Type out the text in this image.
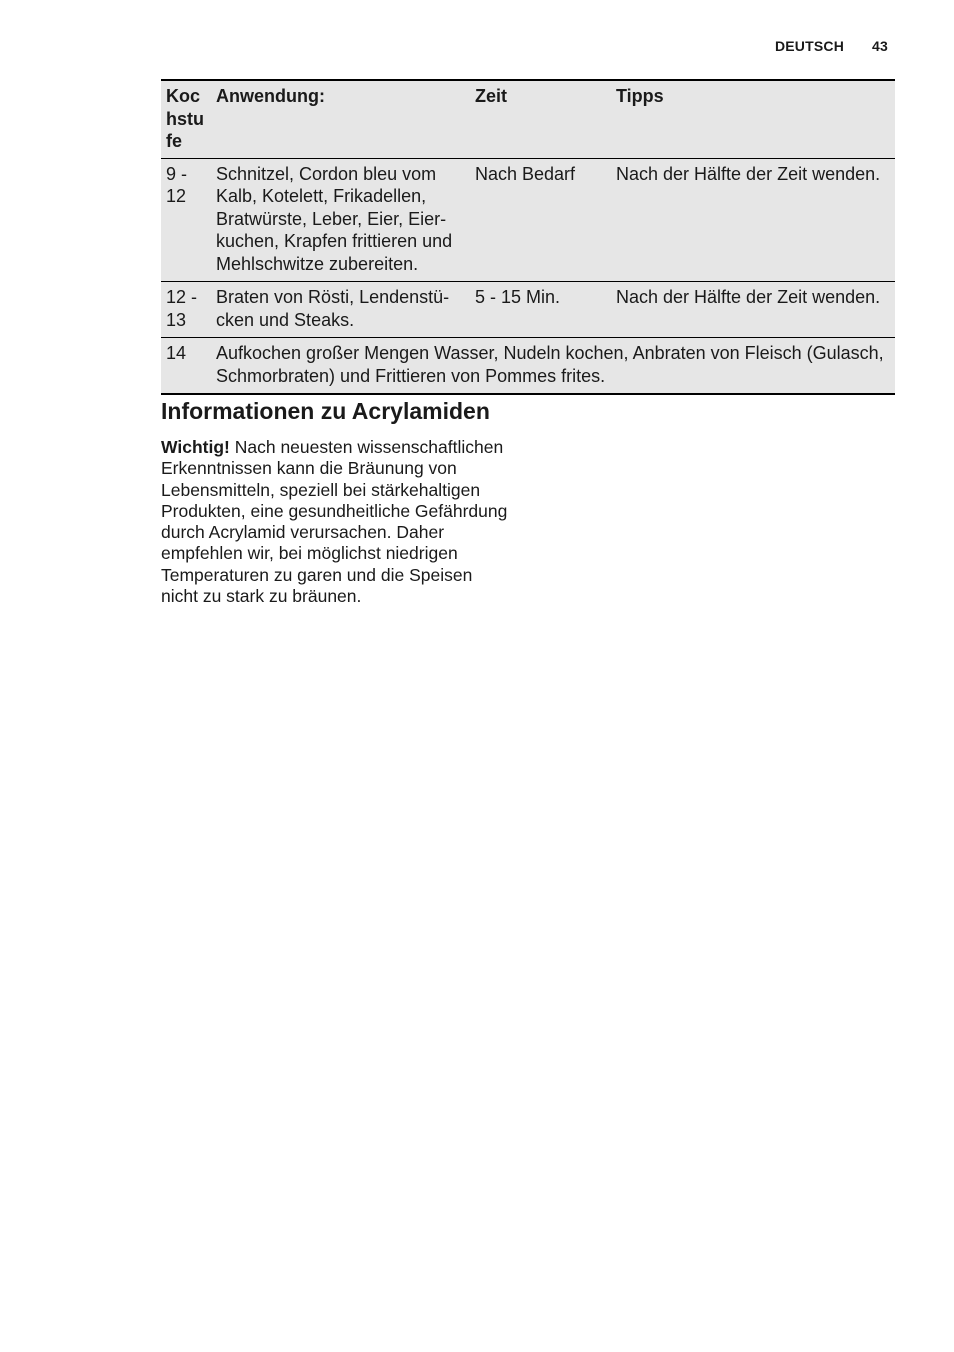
DEUTSCH 43
Koc hstu fe	Anwendung:	Zeit	Tipps
9 - 12	Schnitzel, Cordon bleu vom Kalb, Kotelett, Frikadellen, Bratwürste, Leber, Eier, Eierkuchen, Krapfen frittieren und Mehlschwitze zubereiten.	Nach Bedarf	Nach der Hälfte der Zeit wenden.
12 - 13	Braten von Rösti, Lendenstücken und Steaks.	5 - 15 Min.	Nach der Hälfte der Zeit wenden.
14	Aufkochen großer Mengen Wasser, Nudeln kochen, Anbraten von Fleisch (Gulasch, Schmorbraten) und Frittieren von Pommes frites.		
Informationen zu Acrylamiden

Wichtig! Nach neuesten wissenschaftlichen Erkenntnissen kann die Bräunung von Lebensmitteln, speziell bei stärkehaltigen Produkten, eine gesundheitliche Gefährdung durch Acrylamid verursachen. Daher empfehlen wir, bei möglichst niedrigen Temperaturen zu garen und die Speisen nicht zu stark zu bräunen.
